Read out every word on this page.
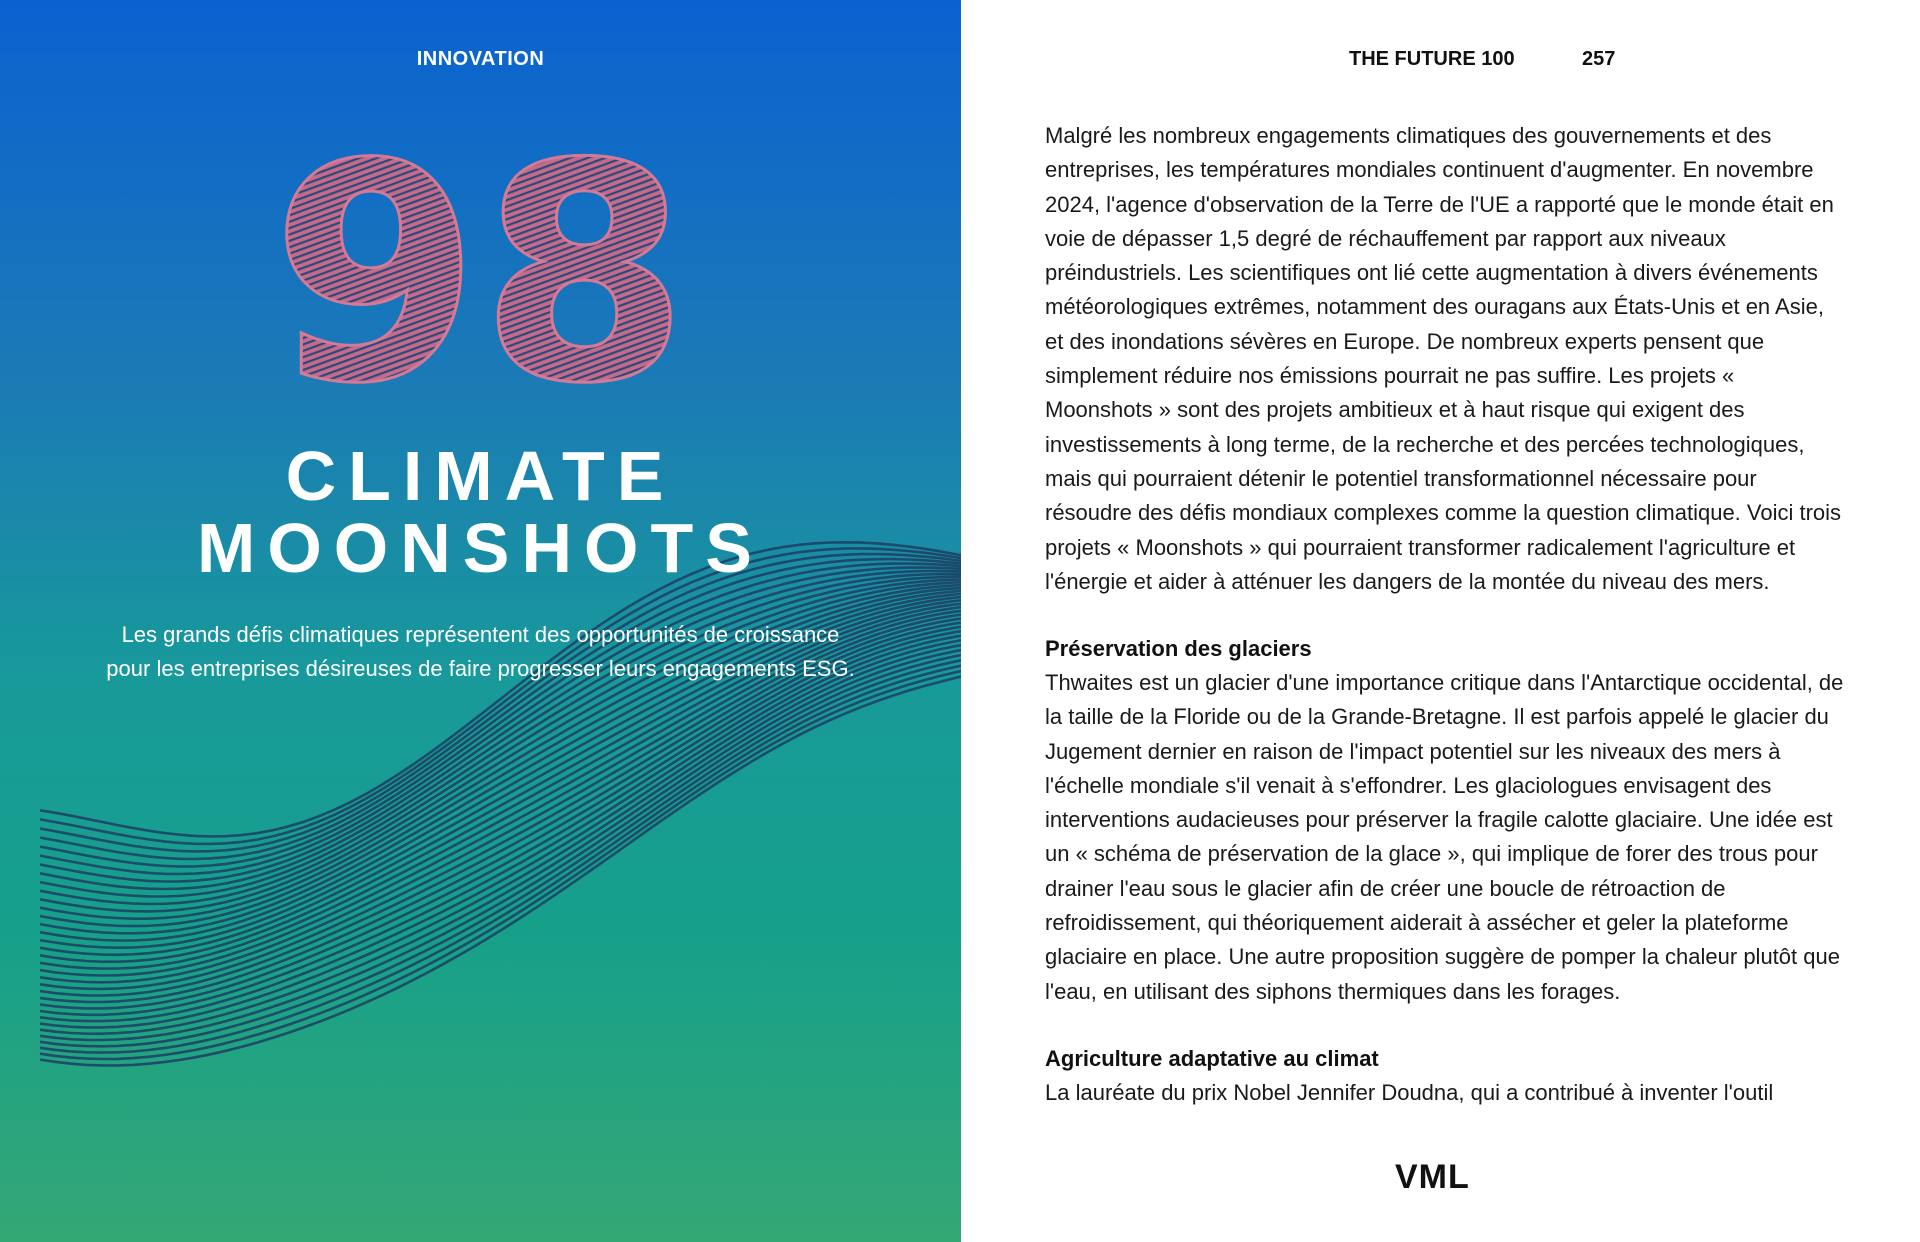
INNOVATION
98
CLIMATE
MOONSHOTS
Les grands défis climatiques représentent des opportunités de croissance
pour les entreprises désireuses de faire progresser leurs engagements ESG.
THE FUTURE 100	257

Malgré les nombreux engagements climatiques des gouvernements et des entreprises, les températures mondiales continuent d'augmenter. En novembre 2024, l'agence d'observation de la Terre de l'UE a rapporté que le monde était en voie de dépasser 1,5 degré de réchauffement par rapport aux niveaux préindustriels. Les scientifiques ont lié cette augmentation à divers événements météorologiques extrêmes, notamment des ouragans aux États-Unis et en Asie, et des inondations sévères en Europe. De nombreux experts pensent que simplement réduire nos émissions pourrait ne pas suffire. Les projets « Moonshots » sont des projets ambitieux et à haut risque qui exigent des investissements à long terme, de la recherche et des percées technologiques, mais qui pourraient détenir le potentiel transformationnel nécessaire pour résoudre des défis mondiaux complexes comme la question climatique. Voici trois projets « Moonshots » qui pourraient transformer radicalement l'agriculture et l'énergie et aider à atténuer les dangers de la montée du niveau des mers.

Préservation des glaciers

Thwaites est un glacier d'une importance critique dans l'Antarctique occidental, de la taille de la Floride ou de la Grande-Bretagne. Il est parfois appelé le glacier du Jugement dernier en raison de l'impact potentiel sur les niveaux des mers à l'échelle mondiale s'il venait à s'effondrer. Les glaciologues envisagent des interventions audacieuses pour préserver la fragile calotte glaciaire. Une idée est un « schéma de préservation de la glace », qui implique de forer des trous pour drainer l'eau sous le glacier afin de créer une boucle de rétroaction de refroidissement, qui théoriquement aiderait à assécher et geler la plateforme glaciaire en place. Une autre proposition suggère de pomper la chaleur plutôt que l'eau, en utilisant des siphons thermiques dans les forages.

Agriculture adaptative au climat

La lauréate du prix Nobel Jennifer Doudna, qui a contribué à inventer l'outil

VML
